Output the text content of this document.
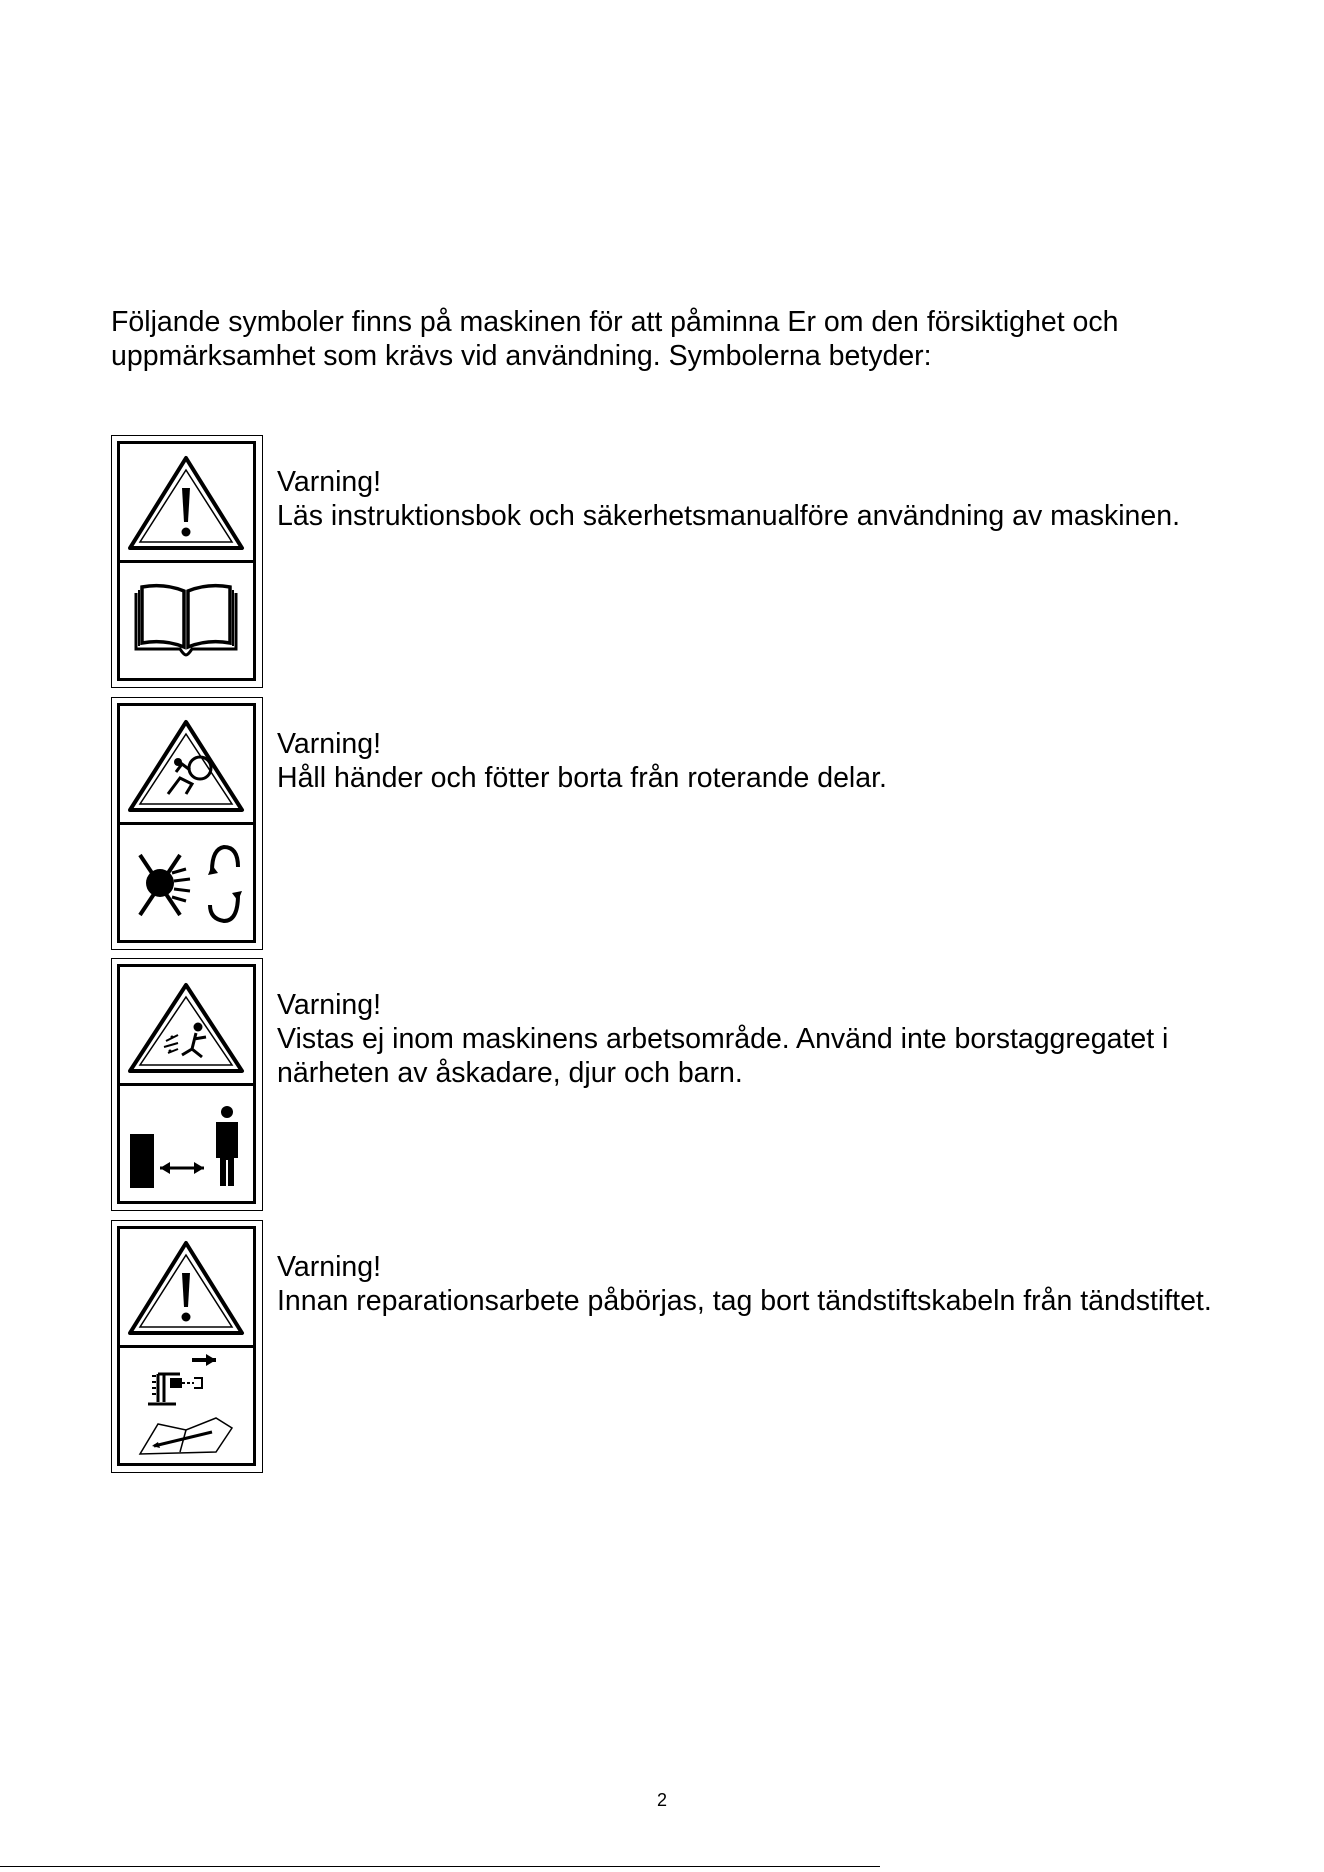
Följande symboler finns på maskinen för att påminna Er om den försiktighet och uppmärksamhet som krävs vid användning. Symbolerna betyder:

Varning!
Läs instruktionsbok och säkerhetsmanualföre användning av maskinen.
Varning!
Håll händer och fötter borta från roterande delar.
Varning!
Vistas ej inom maskinens arbetsområde. Använd inte borstaggregatet i närheten av åskadare, djur och barn.
Varning!
Innan reparationsarbete påbörjas, tag bort tändstiftskabeln från tändstiftet.
2
